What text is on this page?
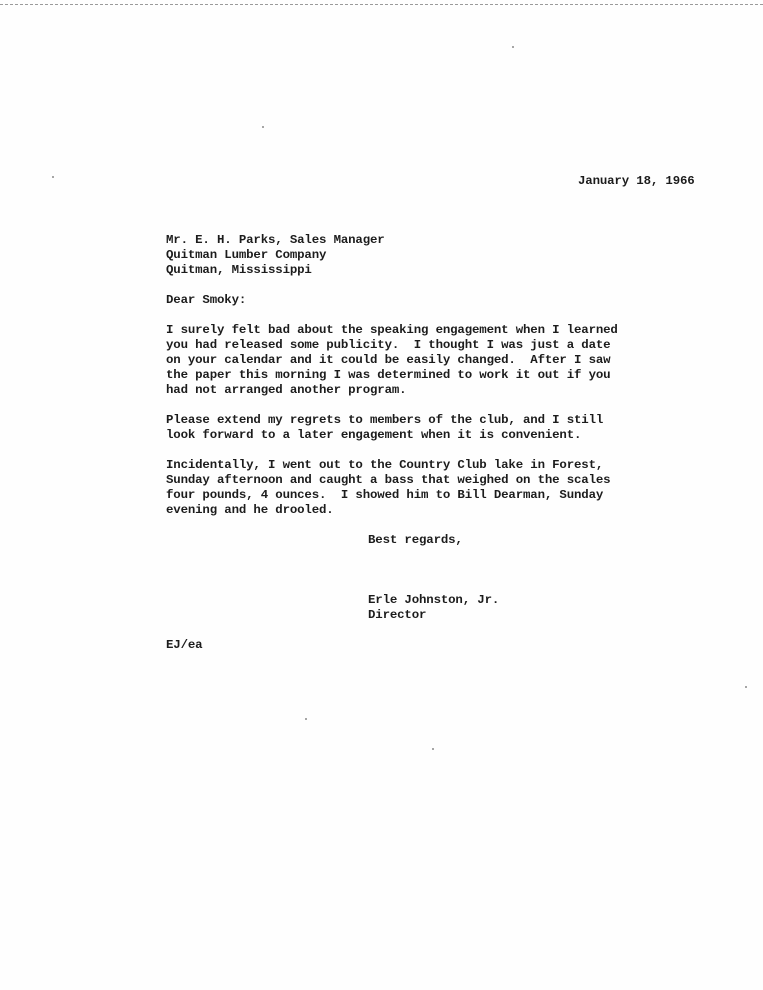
January 18, 1966
Mr. E. H. Parks, Sales Manager
Quitman Lumber Company
Quitman, Mississippi
Dear Smoky:
I surely felt bad about the speaking engagement when I learned
you had released some publicity.  I thought I was just a date
on your calendar and it could be easily changed.  After I saw
the paper this morning I was determined to work it out if you
had not arranged another program.
Please extend my regrets to members of the club, and I still
look forward to a later engagement when it is convenient.
Incidentally, I went out to the Country Club lake in Forest,
Sunday afternoon and caught a bass that weighed on the scales
four pounds, 4 ounces.  I showed him to Bill Dearman, Sunday
evening and he drooled.
Best regards,
Erle Johnston, Jr.
Director
EJ/ea
